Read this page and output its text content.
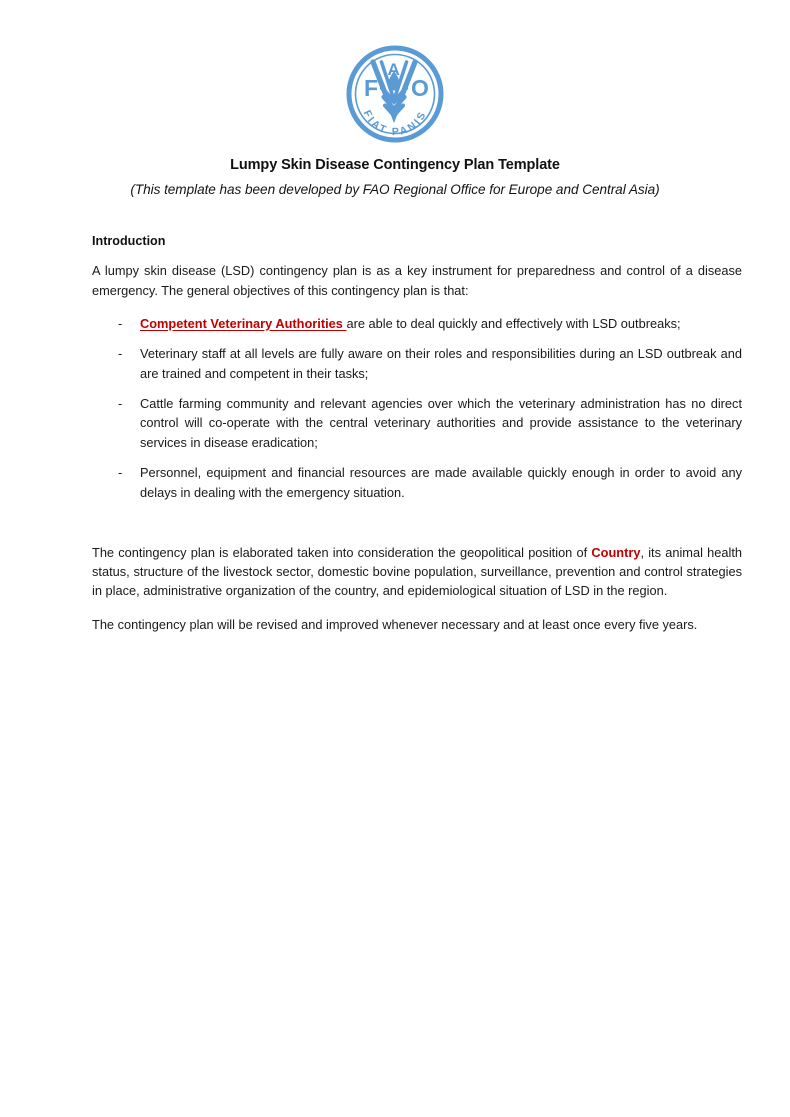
F
A
O
FIAT PANIS
Lumpy Skin Disease Contingency Plan Template
(This template has been developed by FAO Regional Office for Europe and Central Asia)
Introduction

A lumpy skin disease (LSD) contingency plan is as a key instrument for preparedness and control of a disease emergency. The general objectives of this contingency plan is that:

- Competent Veterinary Authorities are able to deal quickly and effectively with LSD outbreaks;
- Veterinary staff at all levels are fully aware on their roles and responsibilities during an LSD outbreak and are trained and competent in their tasks;
- Cattle farming community and relevant agencies over which the veterinary administration has no direct control will co-operate with the central veterinary authorities and provide assistance to the veterinary services in disease eradication;
- Personnel, equipment and financial resources are made available quickly enough in order to avoid any delays in dealing with the emergency situation.

The contingency plan is elaborated taken into consideration the geopolitical position of Country, its animal health status, structure of the livestock sector, domestic bovine population, surveillance, prevention and control strategies in place, administrative organization of the country, and epidemiological situation of LSD in the region.

The contingency plan will be revised and improved whenever necessary and at least once every five years.
